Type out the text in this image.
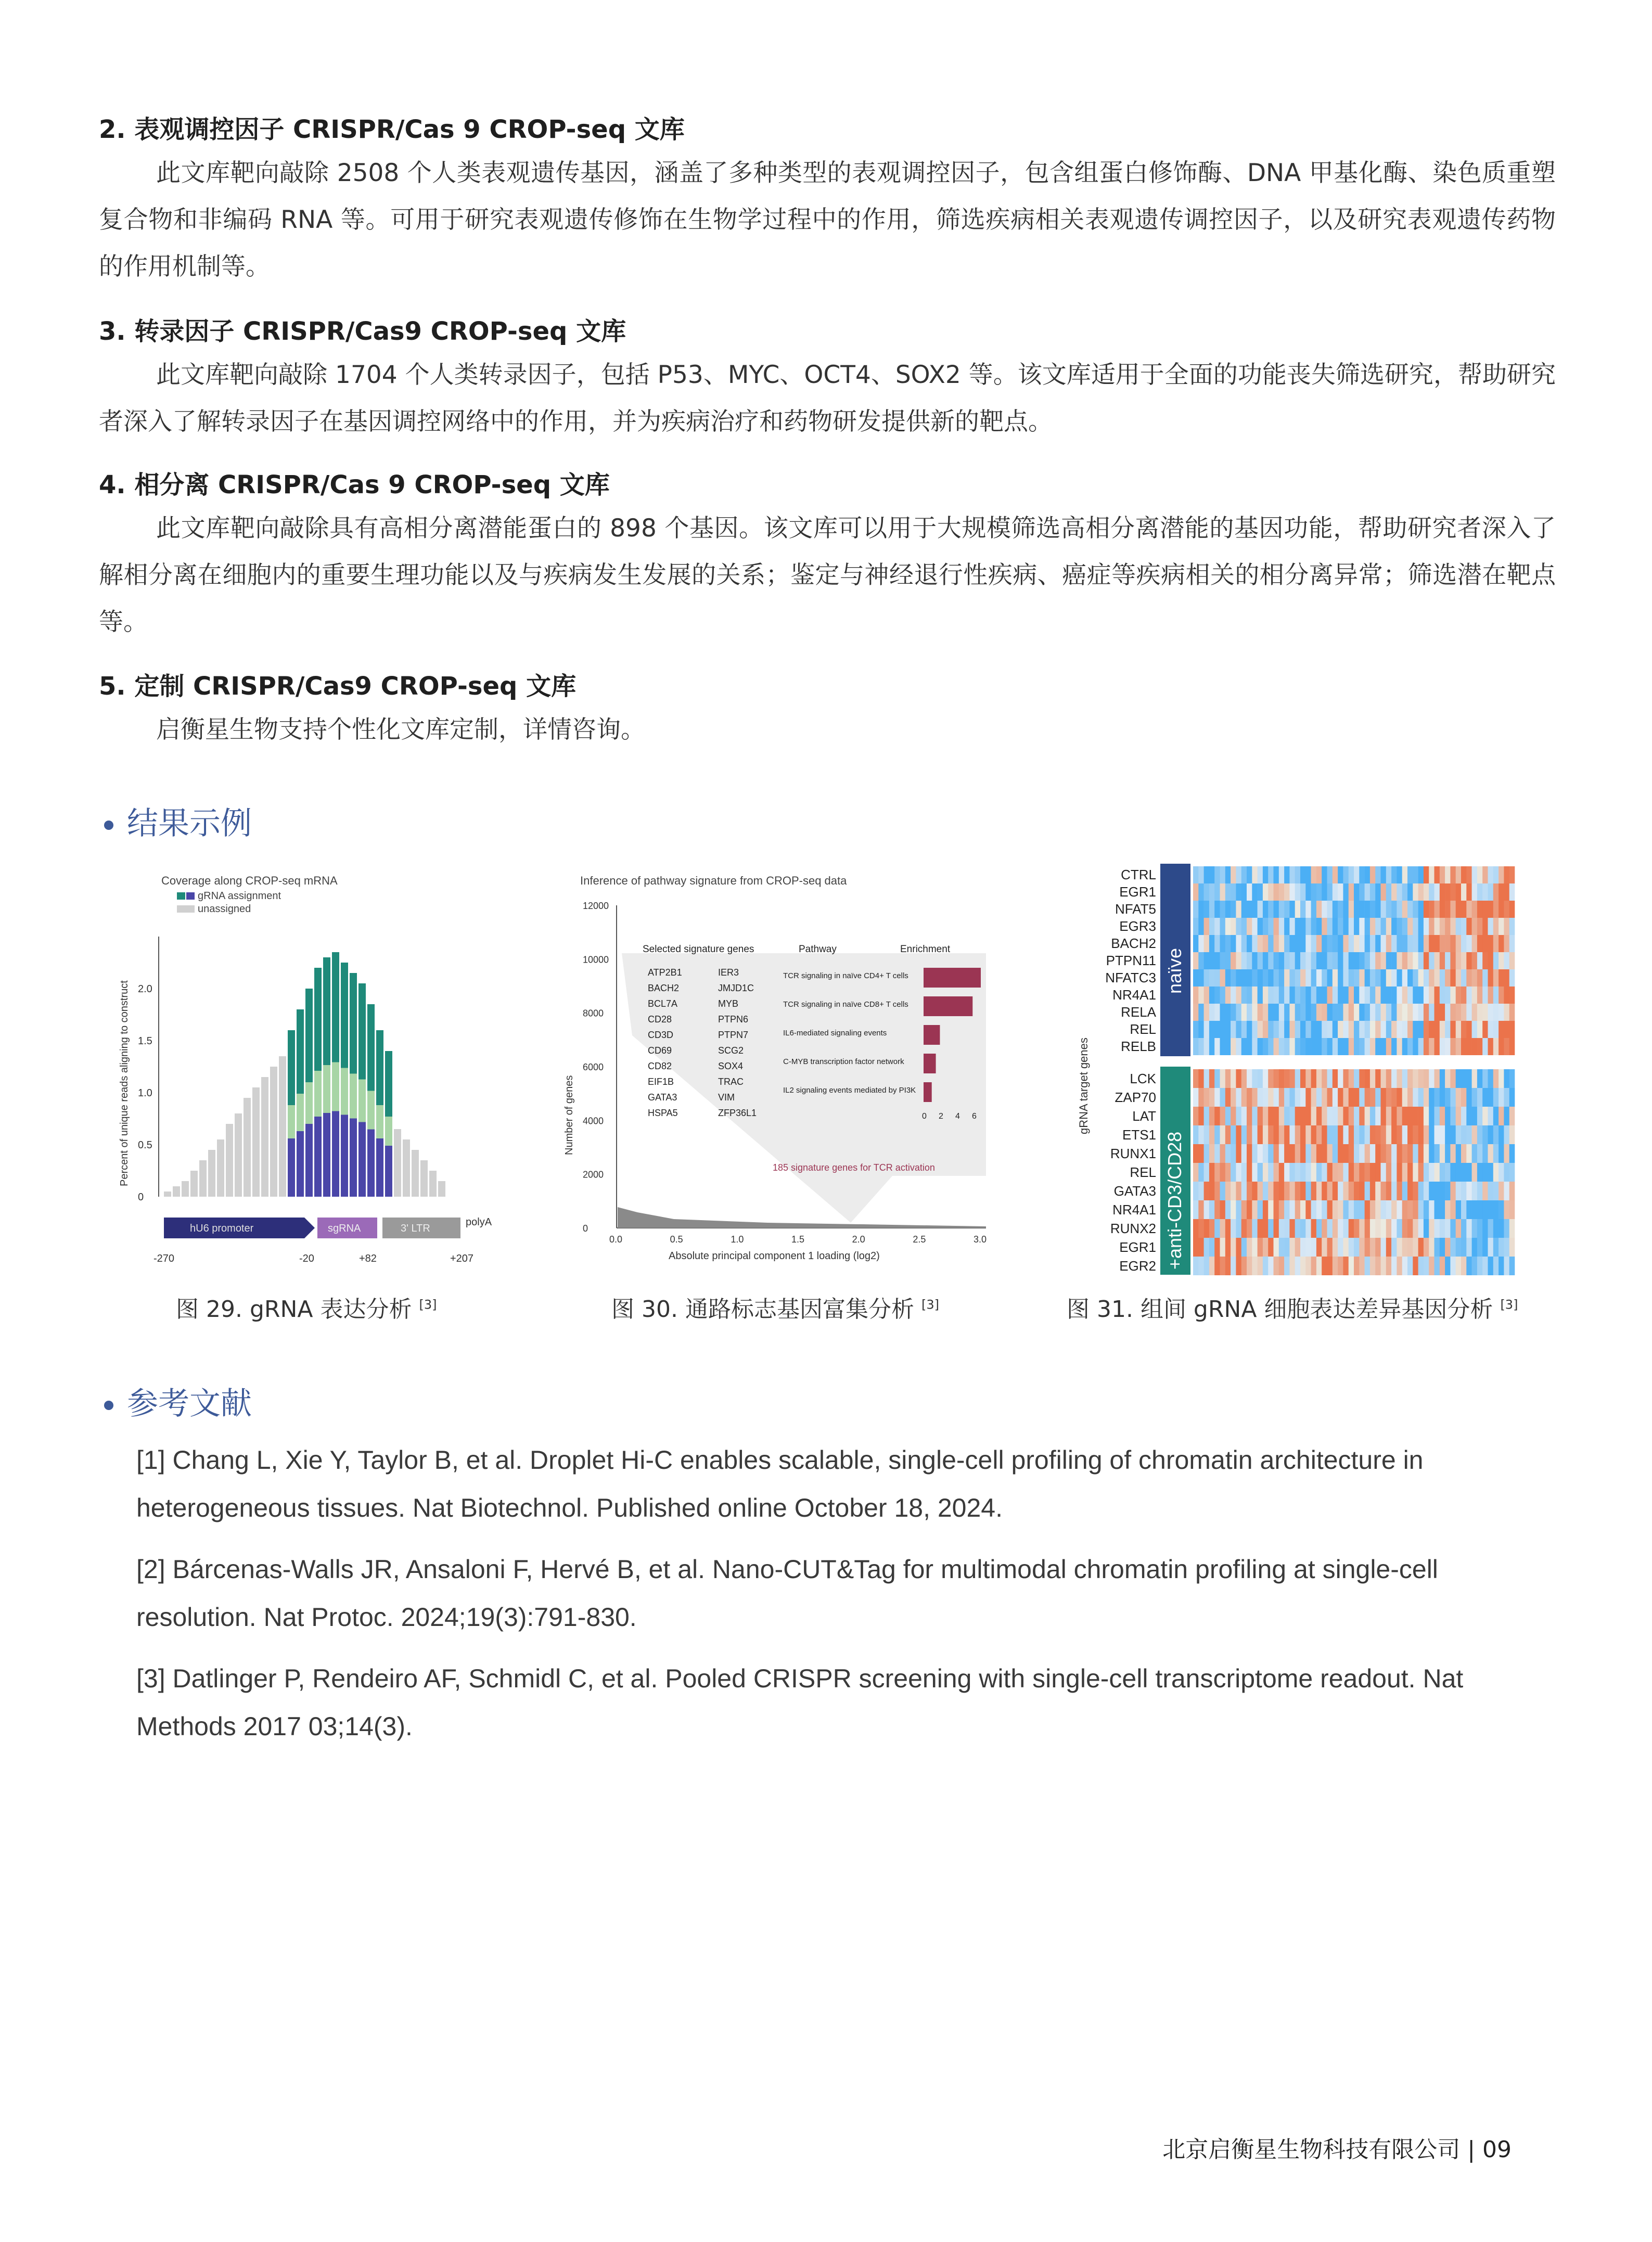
2. 表观调控因子 CRISPR/Cas 9 CROP-seq 文库
此文库靶向敲除 2508 个人类表观遗传基因，涵盖了多种类型的表观调控因子，包含组蛋白修饰酶、DNA 甲基化酶、染色质重塑复合物和非编码 RNA 等。可用于研究表观遗传修饰在生物学过程中的作用，筛选疾病相关表观遗传调控因子，以及研究表观遗传药物的作用机制等。
3. 转录因子 CRISPR/Cas9 CROP-seq 文库
此文库靶向敲除 1704 个人类转录因子，包括 P53、MYC、OCT4、SOX2 等。该文库适用于全面的功能丧失筛选研究，帮助研究者深入了解转录因子在基因调控网络中的作用，并为疾病治疗和药物研发提供新的靶点。
4. 相分离 CRISPR/Cas 9 CROP-seq 文库
此文库靶向敲除具有高相分离潜能蛋白的 898 个基因。该文库可以用于大规模筛选高相分离潜能的基因功能，帮助研究者深入了解相分离在细胞内的重要生理功能以及与疾病发生发展的关系；鉴定与神经退行性疾病、癌症等疾病相关的相分离异常；筛选潜在靶点等。
5. 定制 CRISPR/Cas9 CROP-seq 文库
启衡星生物支持个性化文库定制，详情咨询。
结果示例
Coverage along CROP-seq mRNA
gRNA assignment
unassigned
Percent of unique reads aligning to construct
0
0.5
1.0
1.5
2.0
hU6 promoter	sgRNA	3' LTR
polyA
-270	-20	+82	+207
Inference of pathway signature from CROP-seq data
Number of genes
0
2000
4000
6000
8000
10000
12000
0.0	0.5	1.0	1.5	2.0	2.5	3.0
Selected signature genes	Pathway	Enrichment
ATP2B1
BACH2
BCL7A
CD28
CD3D
CD69
CD82
EIF1B
GATA3
HSPA5
IER3
JMJD1C
MYB
PTPN6
PTPN7
SCG2
SOX4
TRAC
VIM
ZFP36L1
TCR signaling in naïve CD4+ T cells
TCR signaling in naïve CD8+ T cells
IL6-mediated signaling events
C-MYB transcription factor network
IL2 signaling events mediated by PI3K
0 2 4 6
185 signature genes for TCR activation
Absolute principal component 1 loading (log2)
gRNA target genes
naïve
+anti-CD3/CD28
CTRL
EGR1
NFAT5
EGR3
BACH2
PTPN11
NFATC3
NR4A1
RELA
REL
RELB
LCK
ZAP70
LAT
ETS1
RUNX1
REL
GATA3
NR4A1
RUNX2
EGR1
EGR2
图 29. gRNA 表达分析 [3]	图 30. 通路标志基因富集分析 [3]	图 31. 组间 gRNA 细胞表达差异基因分析 [3]
参考文献
[1] Chang L, Xie Y, Taylor B, et al. Droplet Hi-C enables scalable, single-cell profiling of chromatin architecture in heterogeneous tissues. Nat Biotechnol. Published online October 18, 2024.
[2] Bárcenas-Walls JR, Ansaloni F, Hervé B, et al. Nano-CUT&Tag for multimodal chromatin profiling at single-cell resolution. Nat Protoc. 2024;19(3):791-830.
[3] Datlinger P, Rendeiro AF, Schmidl C, et al. Pooled CRISPR screening with single-cell transcriptome readout. Nat Methods 2017 03;14(3).
北京启衡星生物科技有限公司 | 09
